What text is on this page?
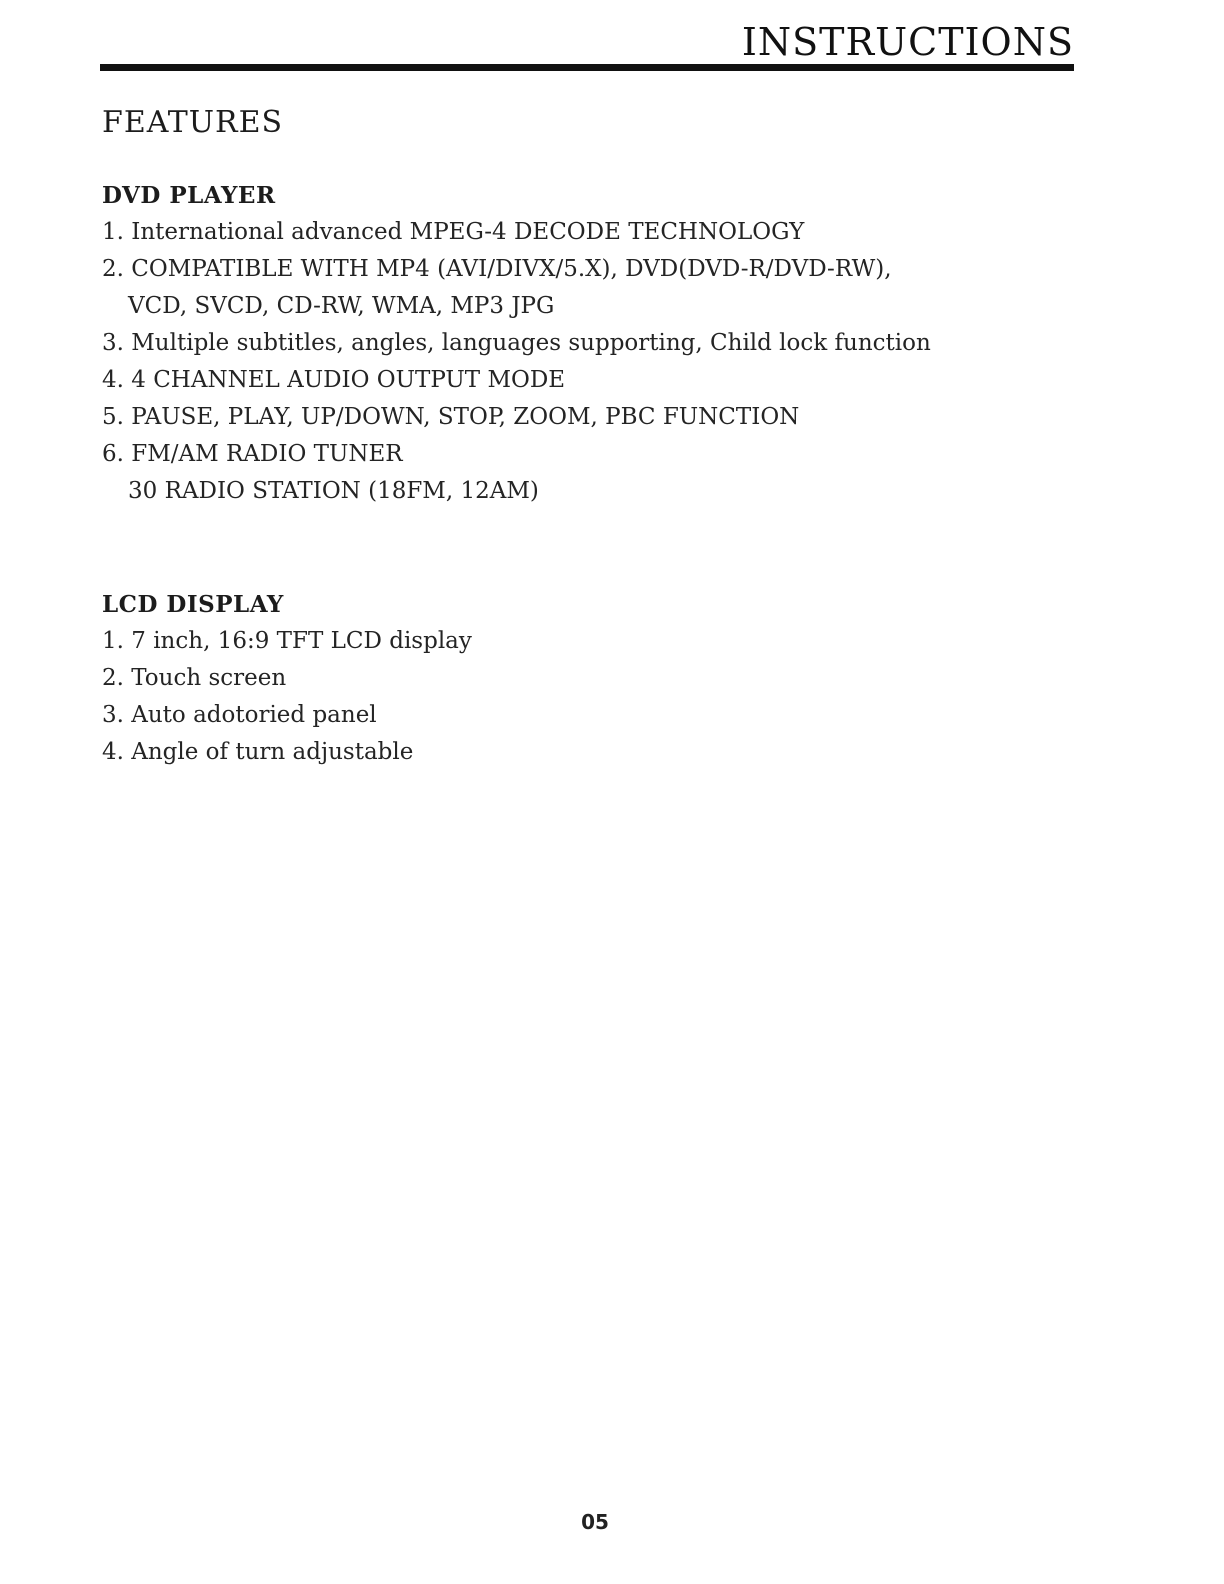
INSTRUCTIONS
FEATURES
DVD PLAYER
1. International advanced MPEG-4 DECODE TECHNOLOGY
2. COMPATIBLE WITH MP4 (AVI/DIVX/5.X), DVD(DVD-R/DVD-RW),
VCD, SVCD, CD-RW, WMA, MP3 JPG
3. Multiple subtitles, angles, languages supporting, Child lock function
4. 4 CHANNEL AUDIO OUTPUT MODE
5. PAUSE, PLAY, UP/DOWN, STOP, ZOOM, PBC FUNCTION
6. FM/AM RADIO TUNER
30 RADIO STATION (18FM, 12AM)
LCD DISPLAY
1. 7 inch, 16:9 TFT LCD display
2. Touch screen
3. Auto adotoried panel
4. Angle of turn adjustable
05
